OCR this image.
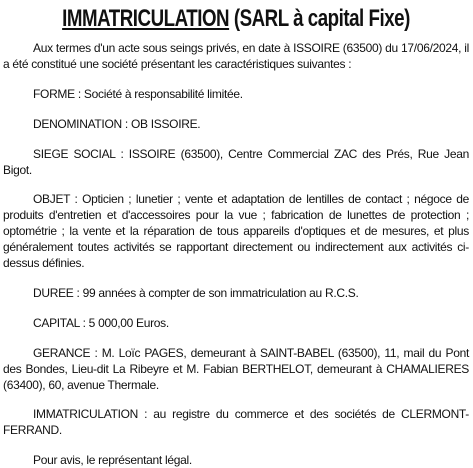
IMMATRICULATION (SARL à capital Fixe)

Aux termes d'un acte sous seings privés, en date à ISSOIRE (63500) du 17/06/2024, il a été constitué une société présentant les caractéristiques suivantes :

FORME : Société à responsabilité limitée.

DENOMINATION : OB ISSOIRE.

SIEGE SOCIAL : ISSOIRE (63500), Centre Commercial ZAC des Prés, Rue Jean Bigot.

OBJET : Opticien ; lunetier ; vente et adaptation de lentilles de contact ; négoce de produits d'entretien et d'accessoires pour la vue ; fabrication de lunettes de protection ; optométrie ; la vente et la réparation de tous appareils d'optiques et de mesures, et plus généralement toutes activités se rapportant directement ou indirectement aux activités ci-dessus définies.

DUREE : 99 années à compter de son immatriculation au R.C.S.

CAPITAL : 5 000,00 Euros.

GERANCE : M. Loïc PAGES, demeurant à SAINT-BABEL (63500), 11, mail du Pont des Bondes, Lieu-dit La Ribeyre et M. Fabian BERTHELOT, demeurant à CHAMALIERES (63400), 60, avenue Thermale.

IMMATRICULATION : au registre du commerce et des sociétés de CLERMONT-FERRAND.

Pour avis, le représentant légal.
